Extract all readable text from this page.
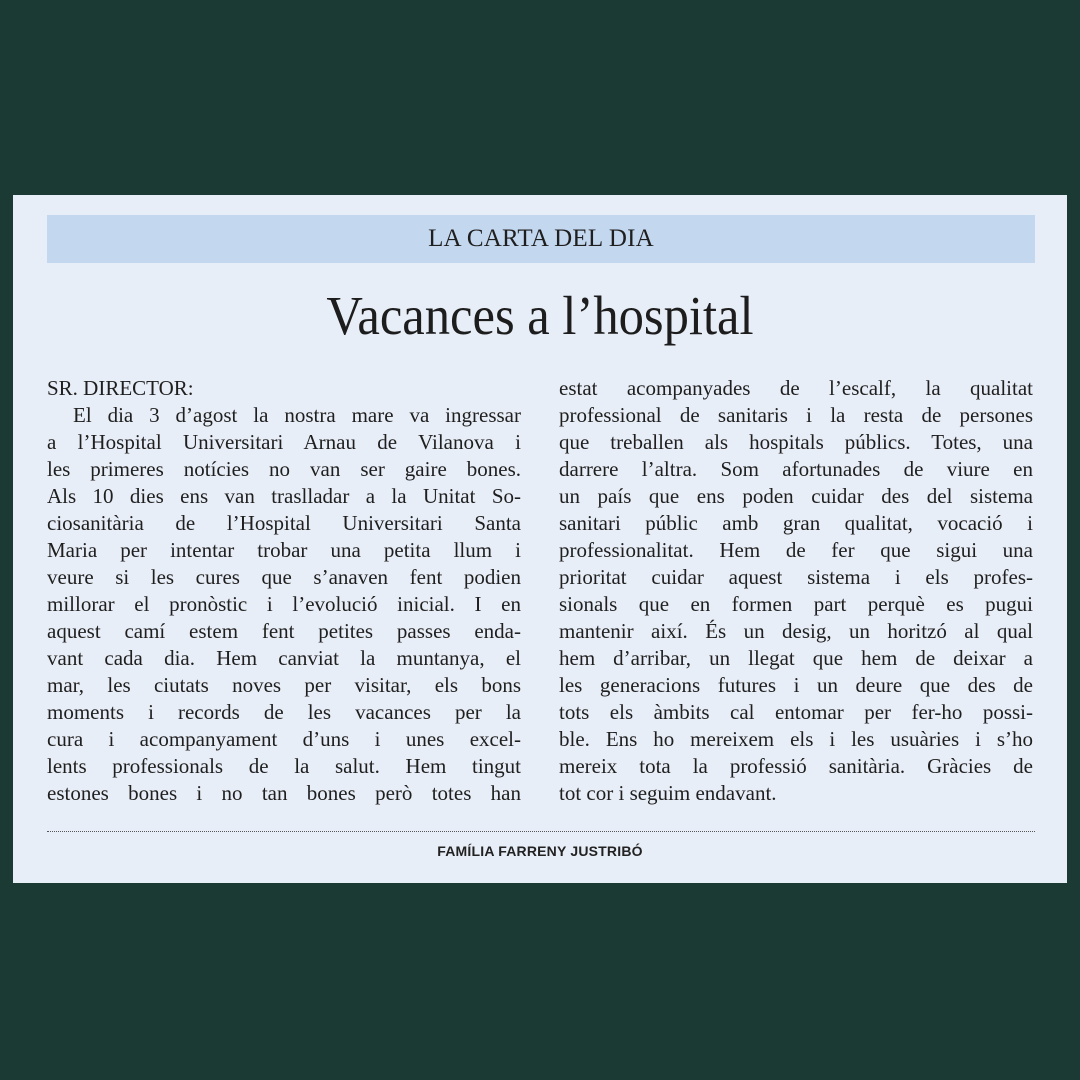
LA CARTA DEL DIA
Vacances a l’hospital
SR. DIRECTOR:
El dia 3 d’agost la nostra mare va ingressar
a l’Hospital Universitari Arnau de Vilanova i
les primeres notícies no van ser gaire bones.
Als 10 dies ens van traslladar a la Unitat So-
ciosanitària de l’Hospital Universitari Santa
Maria per intentar trobar una petita llum i
veure si les cures que s’anaven fent podien
millorar el pronòstic i l’evolució inicial. I en
aquest camí estem fent petites passes enda-
vant cada dia. Hem canviat la muntanya, el
mar, les ciutats noves per visitar, els bons
moments i records de les vacances per la
cura i acompanyament d’uns i unes excel-
lents professionals de la salut. Hem tingut
estones bones i no tan bones però totes han
estat acompanyades de l’escalf, la qualitat
professional de sanitaris i la resta de persones
que treballen als hospitals públics. Totes, una
darrere l’altra. Som afortunades de viure en
un país que ens poden cuidar des del sistema
sanitari públic amb gran qualitat, vocació i
professionalitat. Hem de fer que sigui una
prioritat cuidar aquest sistema i els profes-
sionals que en formen part perquè es pugui
mantenir així. És un desig, un horitzó al qual
hem d’arribar, un llegat que hem de deixar a
les generacions futures i un deure que des de
tots els àmbits cal entomar per fer-ho possi-
ble. Ens ho mereixem els i les usuàries i s’ho
mereix tota la professió sanitària. Gràcies de
tot cor i seguim endavant.
FAMÍLIA FARRENY JUSTRIBÓ
